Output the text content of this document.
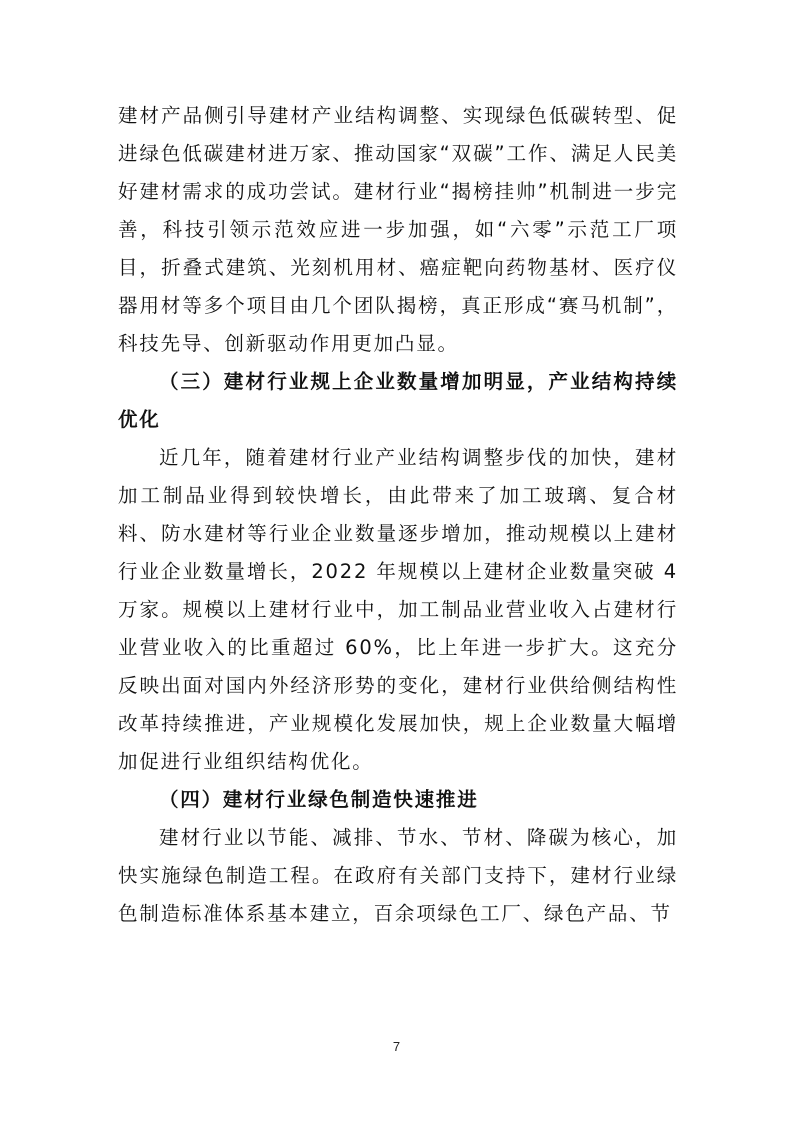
建材产品侧引导建材产业结构调整、实现绿色低碳转型、促进绿色低碳建材进万家、推动国家“双碳”工作、满足人民美好建材需求的成功尝试。建材行业“揭榜挂帅”机制进一步完善，科技引领示范效应进一步加强，如“六零”示范工厂项目，折叠式建筑、光刻机用材、癌症靶向药物基材、医疗仪器用材等多个项目由几个团队揭榜，真正形成“赛马机制”，科技先导、创新驱动作用更加凸显。

（三）建材行业规上企业数量增加明显，产业结构持续优化

近几年，随着建材行业产业结构调整步伐的加快，建材加工制品业得到较快增长，由此带来了加工玻璃、复合材料、防水建材等行业企业数量逐步增加，推动规模以上建材行业企业数量增长，2022 年规模以上建材企业数量突破 4 万家。规模以上建材行业中，加工制品业营业收入占建材行业营业收入的比重超过 60%，比上年进一步扩大。这充分反映出面对国内外经济形势的变化，建材行业供给侧结构性改革持续推进，产业规模化发展加快，规上企业数量大幅增加促进行业组织结构优化。

（四）建材行业绿色制造快速推进

建材行业以节能、减排、节水、节材、降碳为核心，加快实施绿色制造工程。在政府有关部门支持下，建材行业绿色制造标准体系基本建立，百余项绿色工厂、绿色产品、节

7
